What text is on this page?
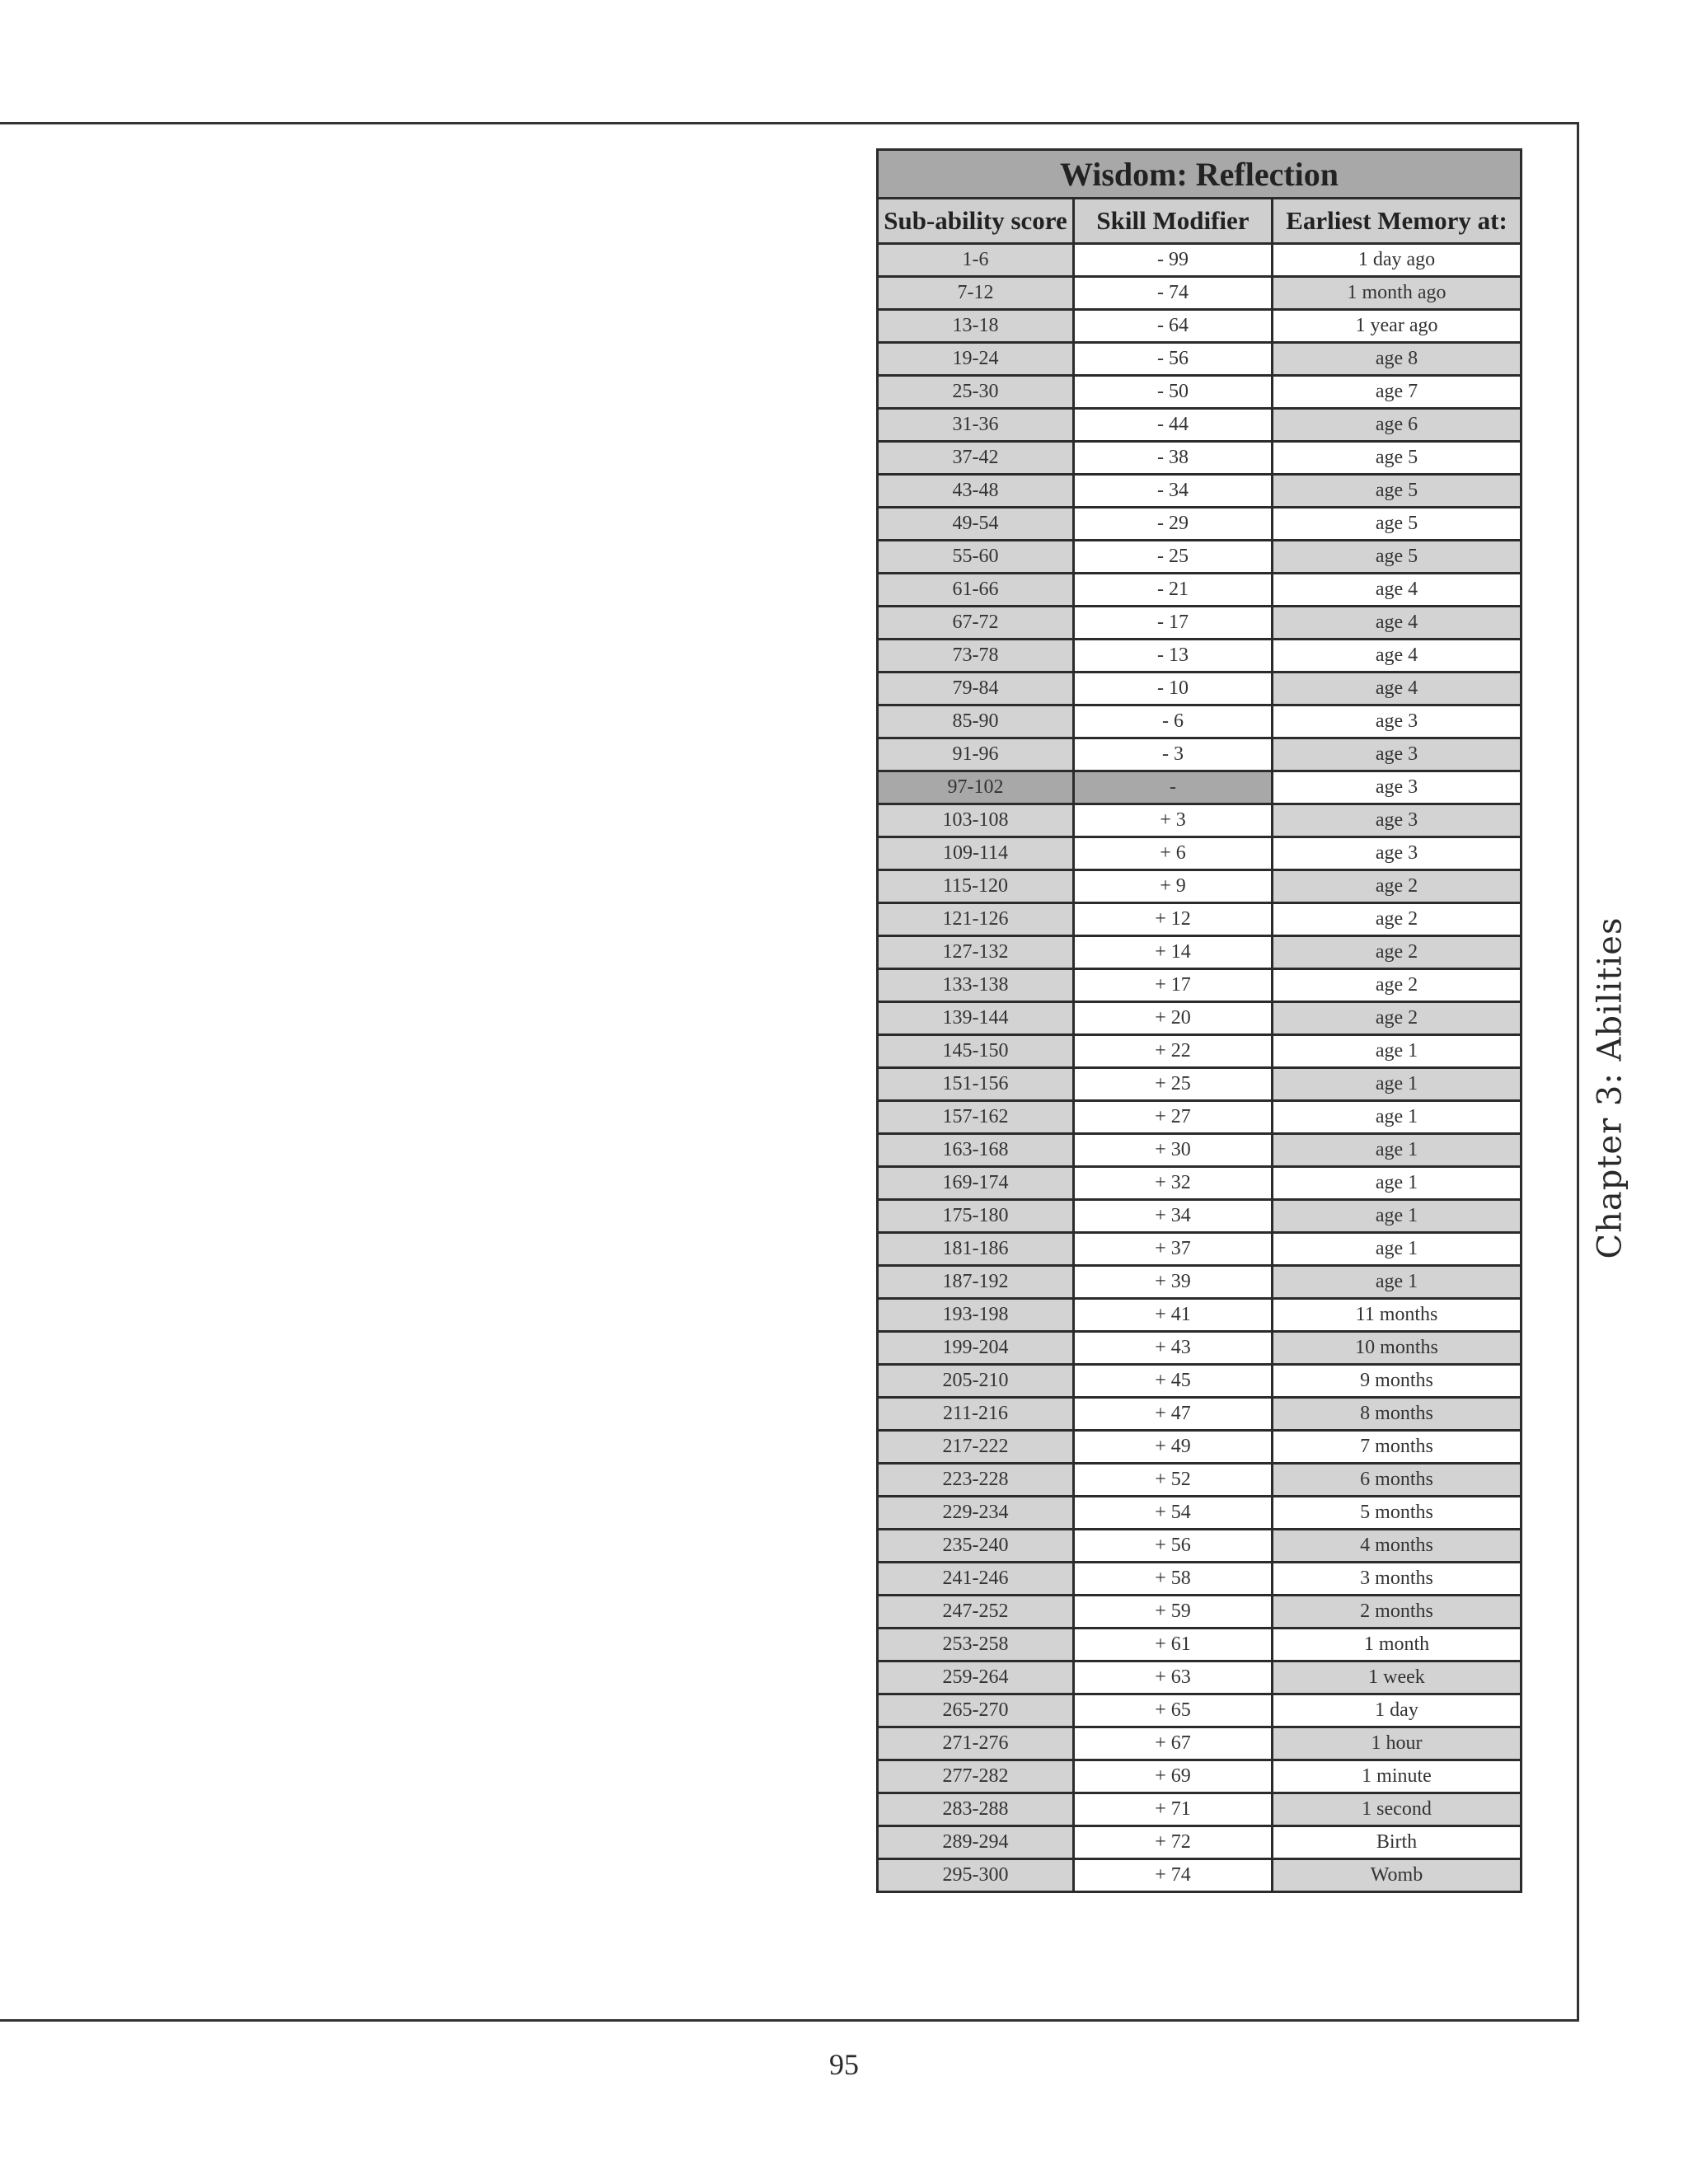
Wisdom: Reflection		
Sub-ability score	Skill Modifier	Earliest Memory at:
1-6	- 99	1 day ago
7-12	- 74	1 month ago
13-18	- 64	1 year ago
19-24	- 56	age 8
25-30	- 50	age 7
31-36	- 44	age 6
37-42	- 38	age 5
43-48	- 34	age 5
49-54	- 29	age 5
55-60	- 25	age 5
61-66	- 21	age 4
67-72	- 17	age 4
73-78	- 13	age 4
79-84	- 10	age 4
85-90	- 6	age 3
91-96	- 3	age 3
97-102	-	age 3
103-108	+ 3	age 3
109-114	+ 6	age 3
115-120	+ 9	age 2
121-126	+ 12	age 2
127-132	+ 14	age 2
133-138	+ 17	age 2
139-144	+ 20	age 2
145-150	+ 22	age 1
151-156	+ 25	age 1
157-162	+ 27	age 1
163-168	+ 30	age 1
169-174	+ 32	age 1
175-180	+ 34	age 1
181-186	+ 37	age 1
187-192	+ 39	age 1
193-198	+ 41	11 months
199-204	+ 43	10 months
205-210	+ 45	9 months
211-216	+ 47	8 months
217-222	+ 49	7 months
223-228	+ 52	6 months
229-234	+ 54	5 months
235-240	+ 56	4 months
241-246	+ 58	3 months
247-252	+ 59	2 months
253-258	+ 61	1 month
259-264	+ 63	1 week
265-270	+ 65	1 day
271-276	+ 67	1 hour
277-282	+ 69	1 minute
283-288	+ 71	1 second
289-294	+ 72	Birth
295-300	+ 74	Womb
Chapter 3: Abilities
95
